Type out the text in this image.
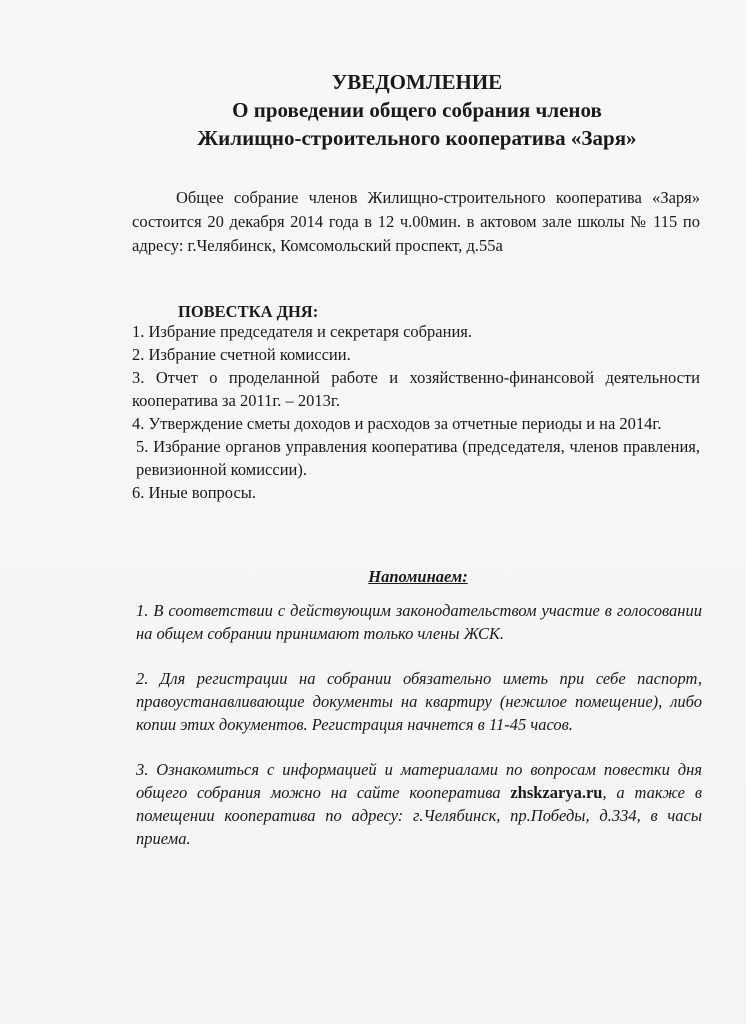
УВЕДОМЛЕНИЕ
О проведении общего собрания членов
Жилищно-строительного кооператива «Заря»
Общее собрание членов Жилищно-строительного кооператива «Заря» состоится 20 декабря 2014 года в 12 ч.00мин. в актовом зале школы № 115 по адресу: г.Челябинск, Комсомольский проспект, д.55а
ПОВЕСТКА ДНЯ:
1. Избрание председателя и секретаря собрания.
2. Избрание счетной комиссии.
3. Отчет о проделанной работе и хозяйственно-финансовой деятельности кооператива за 2011г. – 2013г.
4. Утверждение сметы доходов и расходов за отчетные периоды и на 2014г.
5. Избрание органов управления кооператива (председателя, членов правления, ревизионной комиссии).
6. Иные вопросы.
Напоминаем:
1. В соответствии с действующим законодательством участие в голосовании на общем собрании принимают только члены ЖСК.
2. Для регистрации на собрании обязательно иметь при себе паспорт, правоустанавливающие документы на квартиру (нежилое помещение), либо копии этих документов. Регистрация начнется в 11-45 часов.
3. Ознакомиться с информацией и материалами по вопросам повестки дня общего собрания можно на сайте кооператива zhskzarya.ru, а также в помещении кооператива по адресу: г.Челябинск, пр.Победы, д.334, в часы приема.
